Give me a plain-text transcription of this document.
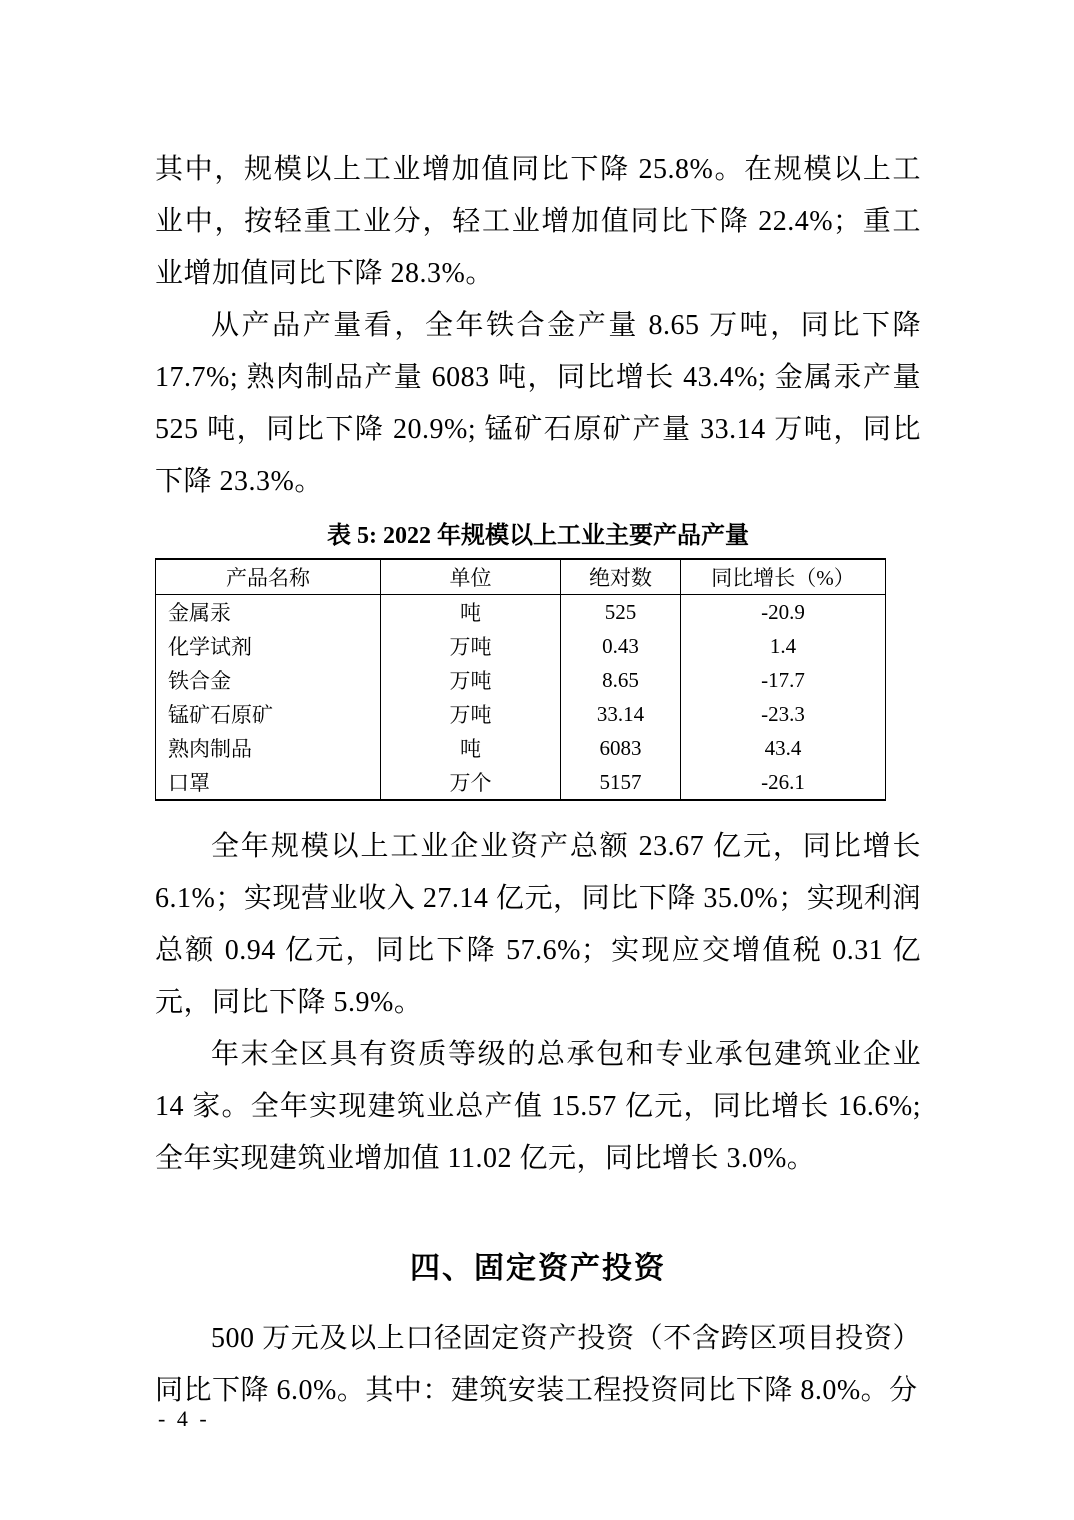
其中，规模以上工业增加值同比下降 25.8%。在规模以上工业中，按轻重工业分，轻工业增加值同比下降 22.4%；重工业增加值同比下降 28.3%。

从产品产量看，全年铁合金产量 8.65 万吨，同比下降 17.7%; 熟肉制品产量 6083 吨，同比增长 43.4%; 金属汞产量 525 吨，同比下降 20.9%; 锰矿石原矿产量 33.14 万吨，同比下降 23.3%。

表 5: 2022 年规模以上工业主要产品产量
产品名称	单位	绝对数	同比增长（%）
金属汞	吨	525	-20.9
化学试剂	万吨	0.43	1.4
铁合金	万吨	8.65	-17.7
锰矿石原矿	万吨	33.14	-23.3
熟肉制品	吨	6083	43.4
口罩	万个	5157	-26.1

全年规模以上工业企业资产总额 23.67 亿元，同比增长 6.1%；实现营业收入 27.14 亿元，同比下降 35.0%；实现利润总额 0.94 亿元，同比下降 57.6%；实现应交增值税 0.31 亿元，同比下降 5.9%。

年末全区具有资质等级的总承包和专业承包建筑业企业 14 家。全年实现建筑业总产值 15.57 亿元，同比增长 16.6%; 全年实现建筑业增加值 11.02 亿元，同比增长 3.0%。

四、固定资产投资

500 万元及以上口径固定资产投资（不含跨区项目投资）同比下降 6.0%。其中：建筑安装工程投资同比下降 8.0%。分

- 4 -
